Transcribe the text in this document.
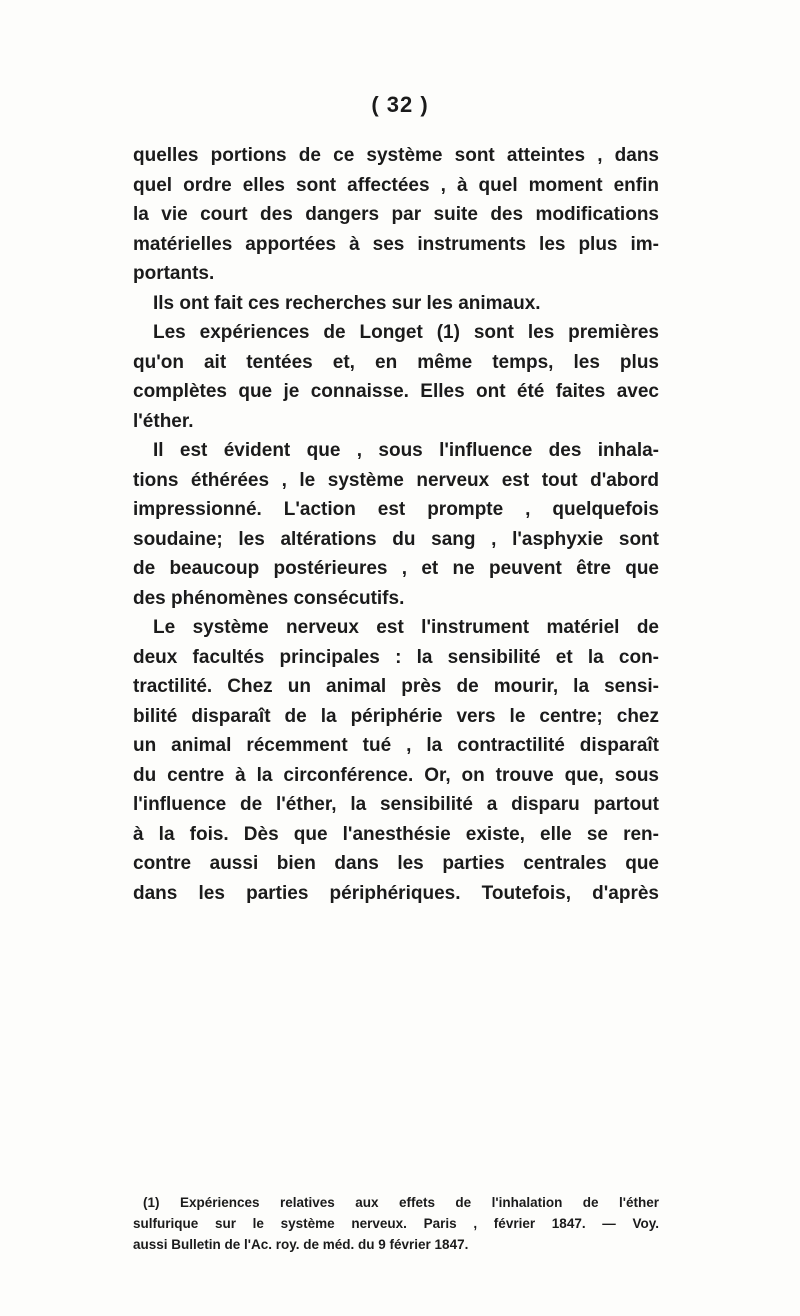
( 32 )
quelles portions de ce système sont atteintes , dans
quel ordre elles sont affectées , à quel moment enfin
la vie court des dangers par suite des modifications
matérielles apportées à ses instruments les plus im-
portants.
Ils ont fait ces recherches sur les animaux.
Les expériences de Longet (1) sont les premières
qu'on ait tentées et, en même temps, les plus
complètes que je connaisse. Elles ont été faites avec
l'éther.
Il est évident que , sous l'influence des inhala-
tions éthérées , le système nerveux est tout d'abord
impressionné. L'action est prompte , quelquefois
soudaine; les altérations du sang , l'asphyxie sont
de beaucoup postérieures , et ne peuvent être que
des phénomènes consécutifs.
Le système nerveux est l'instrument matériel de
deux facultés principales : la sensibilité et la con-
tractilité. Chez un animal près de mourir, la sensi-
bilité disparaît de la périphérie vers le centre; chez
un animal récemment tué , la contractilité disparaît
du centre à la circonférence. Or, on trouve que, sous
l'influence de l'éther, la sensibilité a disparu partout
à la fois. Dès que l'anesthésie existe, elle se ren-
contre aussi bien dans les parties centrales que
dans les parties périphériques. Toutefois, d'après
(1) Expériences relatives aux effets de l'inhalation de l'éther
sulfurique sur le système nerveux. Paris , février 1847. — Voy.
aussi Bulletin de l'Ac. roy. de méd. du 9 février 1847.
